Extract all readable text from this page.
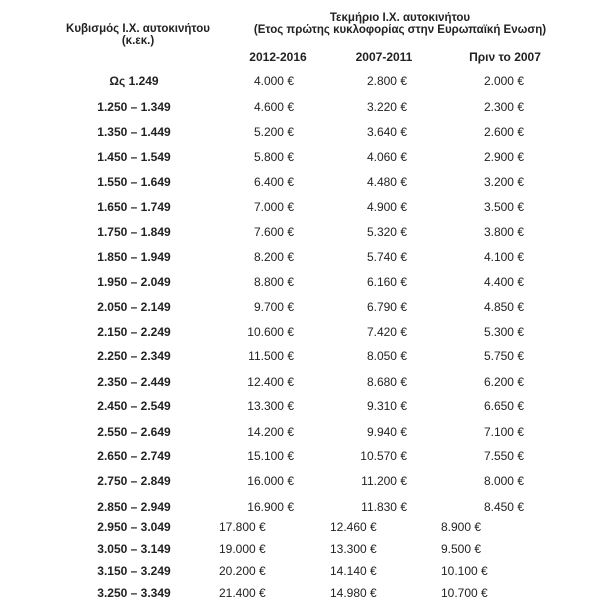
Κυβισμός Ι.Χ. αυτοκινήτου
(κ.εκ.)
Τεκμήριο Ι.Χ. αυτοκινήτου
(Ετος πρώτης κυκλοφορίας στην Ευρωπαϊκή Ενωση)
2012-2016	2007-2011	Πριν το 2007
Ως 1.249	4.000 €	2.800 €	2.000 €
1.250 – 1.349	4.600 €	3.220 €	2.300 €
1.350 – 1.449	5.200 €	3.640 €	2.600 €
1.450 – 1.549	5.800 €	4.060 €	2.900 €
1.550 – 1.649	6.400 €	4.480 €	3.200 €
1.650 – 1.749	7.000 €	4.900 €	3.500 €
1.750 – 1.849	7.600 €	5.320 €	3.800 €
1.850 – 1.949	8.200 €	5.740 €	4.100 €
1.950 – 2.049	8.800 €	6.160 €	4.400 €
2.050 – 2.149	9.700 €	6.790 €	4.850 €
2.150 – 2.249	10.600 €	7.420 €	5.300 €
2.250 – 2.349	11.500 €	8.050 €	5.750 €
2.350 – 2.449	12.400 €	8.680 €	6.200 €
2.450 – 2.549	13.300 €	9.310 €	6.650 €
2.550 – 2.649	14.200 €	9.940 €	7.100 €
2.650 – 2.749	15.100 €	10.570 €	7.550 €
2.750 – 2.849	16.000 €	11.200 €	8.000 €
2.850 – 2.949	16.900 €	11.830 €	8.450 €
2.950 – 3.049	17.800 €	12.460 €	8.900 €
3.050 – 3.149	19.000 €	13.300 €	9.500 €
3.150 – 3.249	20.200 €	14.140 €	10.100 €
3.250 – 3.349	21.400 €	14.980 €	10.700 €
